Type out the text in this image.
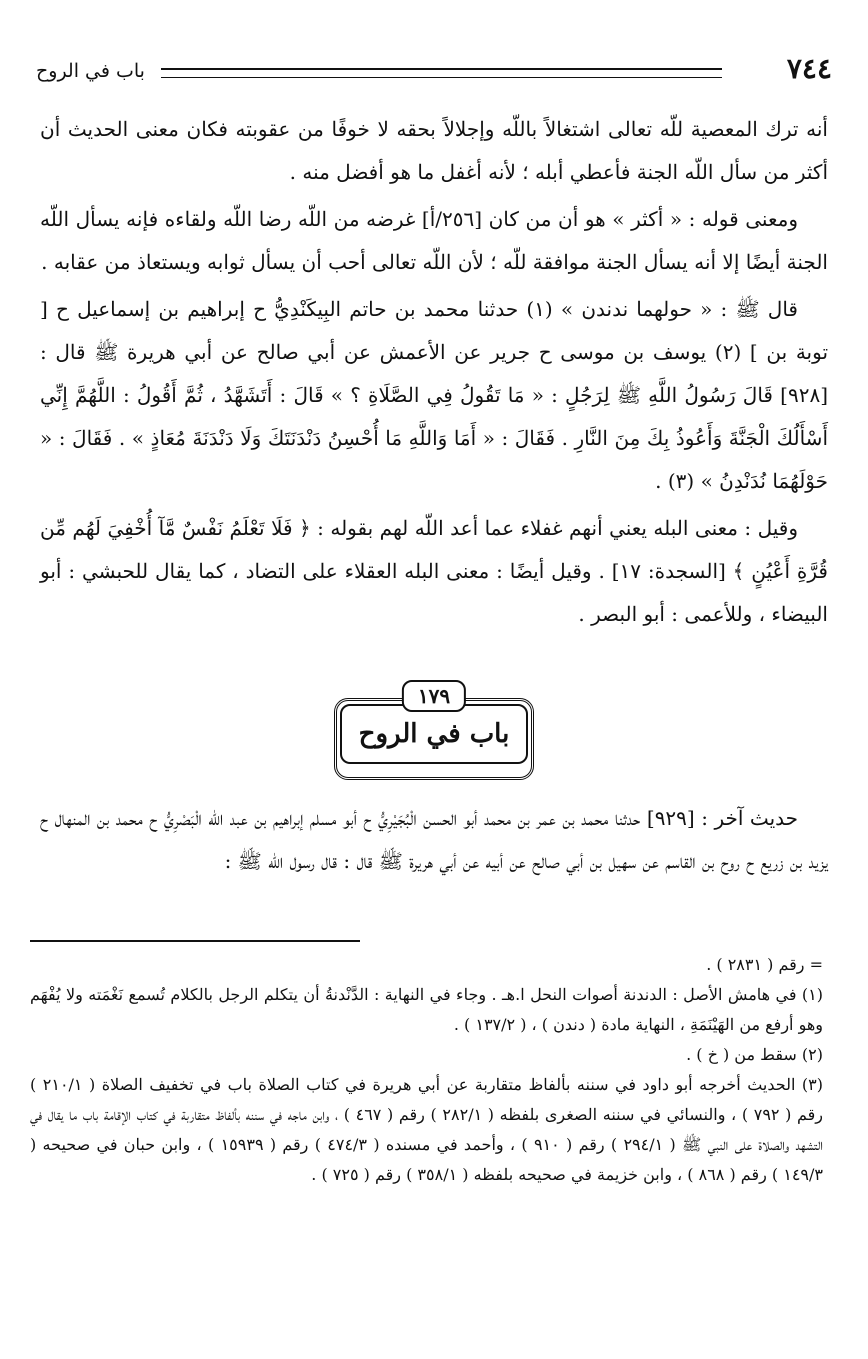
٧٤٤
باب في الروح

أنه ترك المعصية للّه تعالى اشتغالاً باللّه وإجلالاً بحقه لا خوفًا من عقوبته فكان معنى الحديث أن أكثر من سأل اللّه الجنة فأعطي أبله ؛ لأنه أغفل ما هو أفضل منه .

ومعنى قوله : « أكثر » هو أن من كان [٢٥٦/أ] غرضه من اللّه رضا اللّه ولقاءه فإنه يسأل اللّه الجنة أيضًا إلا أنه يسأل الجنة موافقة للّه ؛ لأن اللّه تعالى أحب أن يسأل ثوابه ويستعاذ من عقابه .

قال ﷺ : « حولهما ندندن » (١) حدثنا محمد بن حاتم البِيكَنْدِيُّ ح إبراهيم بن إسماعيل ح [ توبة بن ] (٢) يوسف بن موسى ح جرير عن الأعمش عن أبي صالح عن أبي هريرة ﷺ قال : [٩٢٨] قَالَ رَسُولُ اللَّهِ ﷺ لِرَجُلٍ : « مَا تَقُولُ فِي الصَّلَاةِ ؟ » قَالَ : أَتَشَهَّدُ ، ثُمَّ أَقُولُ : اللَّهُمَّ إِنِّي أَسْأَلُكَ الْجَنَّةَ وَأَعُوذُ بِكَ مِنَ النَّارِ . فَقَالَ : « أَمَا وَاللَّهِ مَا أُحْسِنُ دَنْدَنَتَكَ وَلَا دَنْدَنَةَ مُعَاذٍ » . فَقَالَ : « حَوْلَهُمَا نُدَنْدِنُ » (٣) .

وقيل : معنى البله يعني أنهم غفلاء عما أعد اللّه لهم بقوله : ﴿ فَلَا تَعْلَمُ نَفْسٌ مَّآ أُخْفِيَ لَهُم مِّن قُرَّةِ أَعْيُنٍ ﴾ [السجدة: ١٧] . وقيل أيضًا : معنى البله العقلاء على التضاد ، كما يقال للحبشي : أبو البيضاء ، وللأعمى : أبو البصر .

١٧٩
باب في الروح

حديث آخر : [٩٢٩] حدثنا محمد بن عمر بن محمد أبو الحسن الْبُجَيْرِيُّ ح أبو مسلم إبراهيم بن عبد اللّه الْبَصْرِيُّ ح محمد بن المنهال ح يزيد بن زريع ح روح بن القاسم عن سهيل بن أبي صالح عن أبيه عن أبي هريرة ﷺ قال : قال رسول اللّه ﷺ :

= رقم ( ٢٨٣١ ) .

(١) في هامش الأصل : الدندنة أصوات النحل ا.هـ . وجاء في النهاية : الدَّنْدنةُ أن يتكلم الرجل بالكلام تُسمع نَغْمَته ولا يُفْهَم وهو أرفع من الهَيْنَمَةِ ، النهاية مادة ( دندن ) ، ( ١٣٧/٢ ) .

(٢) سقط من ( خ ) .

(٣) الحديث أخرجه أبو داود في سننه بألفاظ متقاربة عن أبي هريرة في كتاب الصلاة باب في تخفيف الصلاة ( ٢١٠/١ ) رقم ( ٧٩٢ ) ، والنسائي في سننه الصغرى بلفظه ( ٢٨٢/١ ) رقم ( ٤٦٧ ) ، وابن ماجه في سننه بألفاظ متقاربة في كتاب الإقامة باب ما يقال في التشهد والصلاة على النبي ﷺ ( ٢٩٤/١ ) رقم ( ٩١٠ ) ، وأحمد في مسنده ( ٤٧٤/٣ ) رقم ( ١٥٩٣٩ ) ، وابن حبان في صحيحه ( ١٤٩/٣ ) رقم ( ٨٦٨ ) ، وابن خزيمة في صحيحه بلفظه ( ٣٥٨/١ ) رقم ( ٧٢٥ ) .
